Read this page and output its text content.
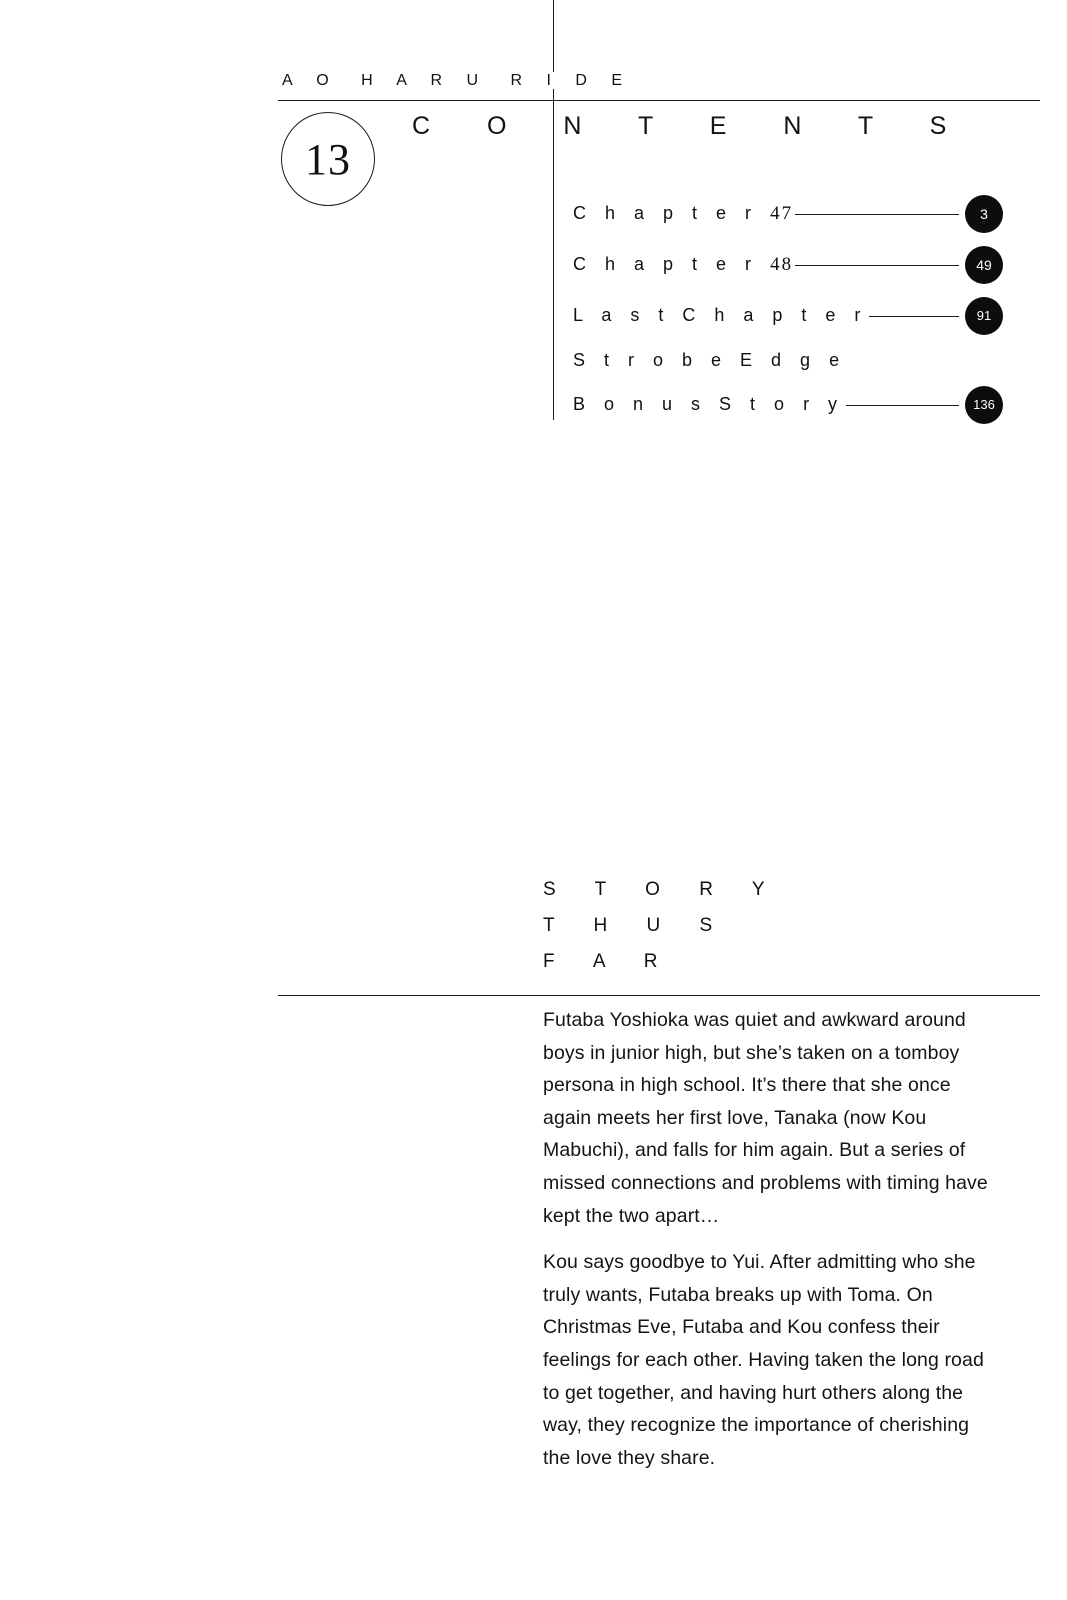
A O H A R U R I D E
13
C O N T E N T S
C h a p t e r 47	3
C h a p t e r 48	49
L a s t C h a p t e r	91
S t r o b e E d g e
B o n u s S t o r y	136
S T O R Y
T H U S
F A R

Futaba Yoshioka was quiet and awkward around boys in junior high, but she’s taken on a tomboy persona in high school. It’s there that she once again meets her first love, Tanaka (now Kou Mabuchi), and falls for him again. But a series of missed connections and problems with timing have kept the two apart…

Kou says goodbye to Yui. After admitting who she truly wants, Futaba breaks up with Toma. On Christmas Eve, Futaba and Kou confess their feelings for each other. Having taken the long road to get together, and having hurt others along the way, they recognize the importance of cherishing the love they share.
